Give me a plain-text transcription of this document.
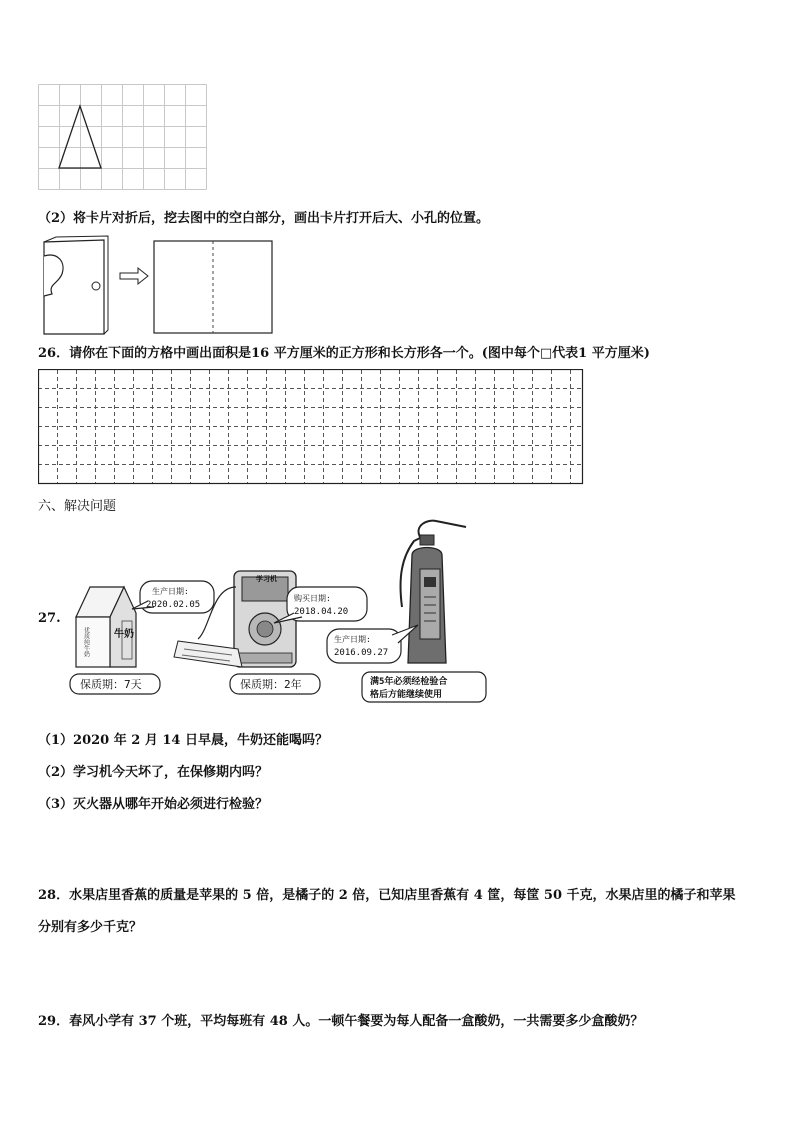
（2）将卡片对折后，挖去图中的空白部分，画出卡片打开后大、小孔的位置。
26．请你在下面的方格中画出面积是16 平方厘米的正方形和长方形各一个。(图中每个□代表1 平方厘米)
六、解决问题
27.
牛奶
优质纯牛奶
生产日期:
2020.02.05
学习机
购买日期:
2018.04.20
生产日期:
2016.09.27
保质期：7天	保质期：2年	满5年必须经检验合
格后方能继续使用
（1）2020 年 2 月 14 日早晨，牛奶还能喝吗？
（2）学习机今天坏了，在保修期内吗？
（3）灭火器从哪年开始必须进行检验？
28．水果店里香蕉的质量是苹果的 5 倍，是橘子的 2 倍，已知店里香蕉有 4 筐，每筐 50 千克，水果店里的橘子和苹果
分别有多少千克？
29．春风小学有 37 个班，平均每班有 48 人。一顿午餐要为每人配备一盒酸奶，一共需要多少盒酸奶？
